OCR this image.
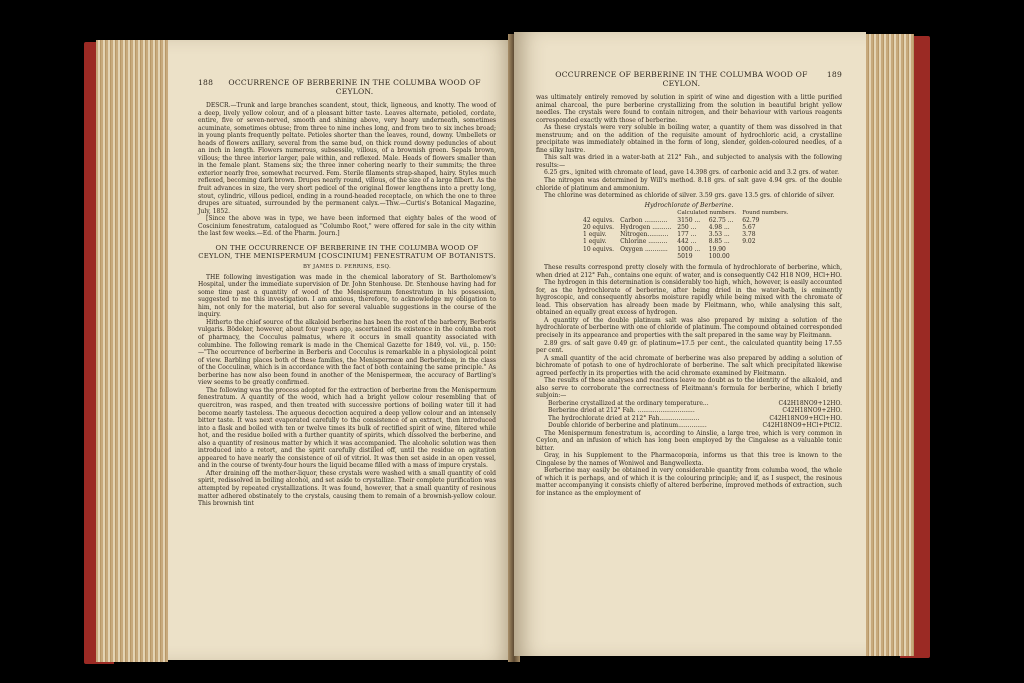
188	OCCURRENCE OF BERBERINE IN THE COLUMBA WOOD OF CEYLON.

DESCR.—Trunk and large branches scandent, stout, thick, ligneous, and knotty. The wood of a deep, lively yellow colour, and of a pleasant bitter taste. Leaves alternate, petioled, cordate, entire, five or seven-nerved, smooth and shining above, very hoary underneath, sometimes acuminate, sometimes obtuse; from three to nine inches long, and from two to six inches broad; in young plants frequently peltate. Petioles shorter than the leaves, round, downy. Umbellets or heads of flowers axillary, several from the same bud, on thick round downy peduncles of about an inch in length. Flowers numerous, subsessile, villous, of a brownish green. Sepals brown, villous; the three interior larger, pale within, and reflexed. Male. Heads of flowers smaller than in the female plant. Stamens six; the three inner cohering nearly to their summits; the three exterior nearly free, somewhat recurved. Fem. Sterile filaments strap-shaped, hairy. Styles much reflexed, becoming dark brown. Drupes nearly round, villous, of the size of a large filbert. As the fruit advances in size, the very short pedicel of the original flower lengthens into a pretty long, stout, cylindric, villous pedicel, ending in a round-headed receptacle, on which the one to three drupes are situated, surrounded by the permanent calyx.—Thw.—Curtis's Botanical Magazine, July, 1852.

[Since the above was in type, we have been informed that eighty bales of the wood of Coscinium fenestratum, catalogued as "Columbo Root," were offered for sale in the city within the last few weeks.—Ed. of the Pharm. Journ.]

ON THE OCCURRENCE OF BERBERINE IN THE COLUMBA WOOD OF CEYLON, THE MENISPERMUM [COSCINIUM] FENESTRATUM OF BOTANISTS.
BY JAMES D. PERRINS, ESQ.

THE following investigation was made in the chemical laboratory of St. Bartholomew's Hospital, under the immediate supervision of Dr. John Stenhouse. Dr. Stenhouse having had for some time past a quantity of wood of the Menispermum fenestratum in his possession, suggested to me this investigation. I am anxious, therefore, to acknowledge my obligation to him, not only for the material, but also for several valuable suggestions in the course of the inquiry.

Hitherto the chief source of the alkaloid berberine has been the root of the barberry, Berberis vulgaris. Bödeker, however, about four years ago, ascertained its existence in the columba root of pharmacy, the Cocculus palmatus, where it occurs in small quantity associated with columbine. The following remark is made in the Chemical Gazette for 1849, vol. vii., p. 150:—"The occurrence of berberine in Berberis and Cocculus is remarkable in a physiological point of view. Barbling places both of these families, the Menispermeæ and Berberideæ, in the class of the Cocculinæ, which is in accordance with the fact of both containing the same principle." As berberine has now also been found in another of the Menispermeæ, the accuracy of Bartling's view seems to be greatly confirmed.

The following was the process adopted for the extraction of berberine from the Menispermum fenestratum. A quantity of the wood, which had a bright yellow colour resembling that of quercitron, was rasped, and then treated with successive portions of boiling water till it had become nearly tasteless. The aqueous decoction acquired a deep yellow colour and an intensely bitter taste. It was next evaporated carefully to the consistence of an extract, then introduced into a flask and boiled with ten or twelve times its bulk of rectified spirit of wine, filtered while hot, and the residue boiled with a further quantity of spirits, which dissolved the berberine, and also a quantity of resinous matter by which it was accompanied. The alcoholic solution was then introduced into a retort, and the spirit carefully distilled off, until the residue on agitation appeared to have nearly the consistence of oil of vitriol. It was then set aside in an open vessel, and in the course of twenty-four hours the liquid became filled with a mass of impure crystals.

After draining off the mother-liquor, these crystals were washed with a small quantity of cold spirit, redissolved in boiling alcohol, and set aside to crystallize. Their complete purification was attempted by repeated crystallizations. It was found, however, that a small quantity of resinous matter adhered obstinately to the crystals, causing them to remain of a brownish-yellow colour. This brownish tint

OCCURRENCE OF BERBERINE IN THE COLUMBA WOOD OF CEYLON.
189

was ultimately entirely removed by solution in spirit of wine and digestion with a little purified animal charcoal, the pure berberine crystallizing from the solution in beautiful bright yellow needles. The crystals were found to contain nitrogen, and their behaviour with various reagents corresponded exactly with those of berberine.

As these crystals were very soluble in boiling water, a quantity of them was dissolved in that menstruum; and on the addition of the requisite amount of hydrochloric acid, a crystalline precipitate was immediately obtained in the form of long, slender, golden-coloured needles, of a fine silky lustre.

This salt was dried in a water-bath at 212° Fah., and subjected to analysis with the following results:—

6.25 grs., ignited with chromate of lead, gave 14.398 grs. of carbonic acid and 3.2 grs. of water.

The nitrogen was determined by Will's method. 8.18 grs. of salt gave 4.94 grs. of the double chloride of platinum and ammonium.

The chlorine was determined as chloride of silver. 3.59 grs. gave 13.5 grs. of chloride of silver.

Hydrochlorate of Berberine.
		Calculated numbers.		Found numbers.
42 equivs.	Carbon ............	3150 ...	62.75 ...	62.79
20 equivs.	Hydrogen ..........	250 ...	4.98 ...	5.67
1 equiv.	Nitrogen...........	177 ...	3.53 ...	3.78
1 equiv.	Chlorine ..........	442 ...	8.85 ...	9.02
10 equivs.	Oxygen ............	1000 ...	19.90	
		5019	100.00	

These results correspond pretty closely with the formula of hydrochlorate of berberine, which, when dried at 212° Fah., contains one equiv. of water, and is consequently C42 H18 NO9, HCl+HO.

The hydrogen in this determination is considerably too high, which, however, is easily accounted for, as the hydrochlorate of berberine, after being dried in the water-bath, is eminently hygroscopic, and consequently absorbs moisture rapidly while being mixed with the chromate of lead. This observation has already been made by Fleitmann, who, while analysing this salt, obtained an equally great excess of hydrogen.

A quantity of the double platinum salt was also prepared by mixing a solution of the hydrochlorate of berberine with one of chloride of platinum. The compound obtained corresponded precisely in its appearance and properties with the salt prepared in the same way by Fleitmann.

2.89 grs. of salt gave 0.49 gr. of platinum=17.5 per cent., the calculated quantity being 17.55 per cent.

A small quantity of the acid chromate of berberine was also prepared by adding a solution of bichromate of potash to one of hydrochlorate of berberine. The salt which precipitated likewise agreed perfectly in its properties with the acid chromate examined by Fleitmann.

The results of these analyses and reactions leave no doubt as to the identity of the alkaloid, and also serve to corroborate the correctness of Fleitmann's formula for berberine, which I briefly subjoin:—

Berberine crystallized at the ordinary temperature...	C42H18NO9+12HO.
Berberine dried at 212° Fah. ..............................	C42H18NO9+2HO.
The hydrochlorate dried at 212° Fah.....................	C42H18NO9+HCl+HO.
Double chloride of berberine and platinum...............	C42H18NO9+HCl+PtCl2.

The Menispermum fenestratum is, according to Ainslie, a large tree, which is very common in Ceylon, and an infusion of which has long been employed by the Cingalese as a valuable tonic bitter.

Gray, in his Supplement to the Pharmacopœia, informs us that this tree is known to the Cingalese by the names of Woniwol and Bangwellexta.

Berberine may easily be obtained in very considerable quantity from columba wood, the whole of which it is perhaps, and of which it is the colouring principle; and if, as I suspect, the resinous matter accompanying it consists chiefly of altered berberine, improved methods of extraction, such for instance as the employment of
